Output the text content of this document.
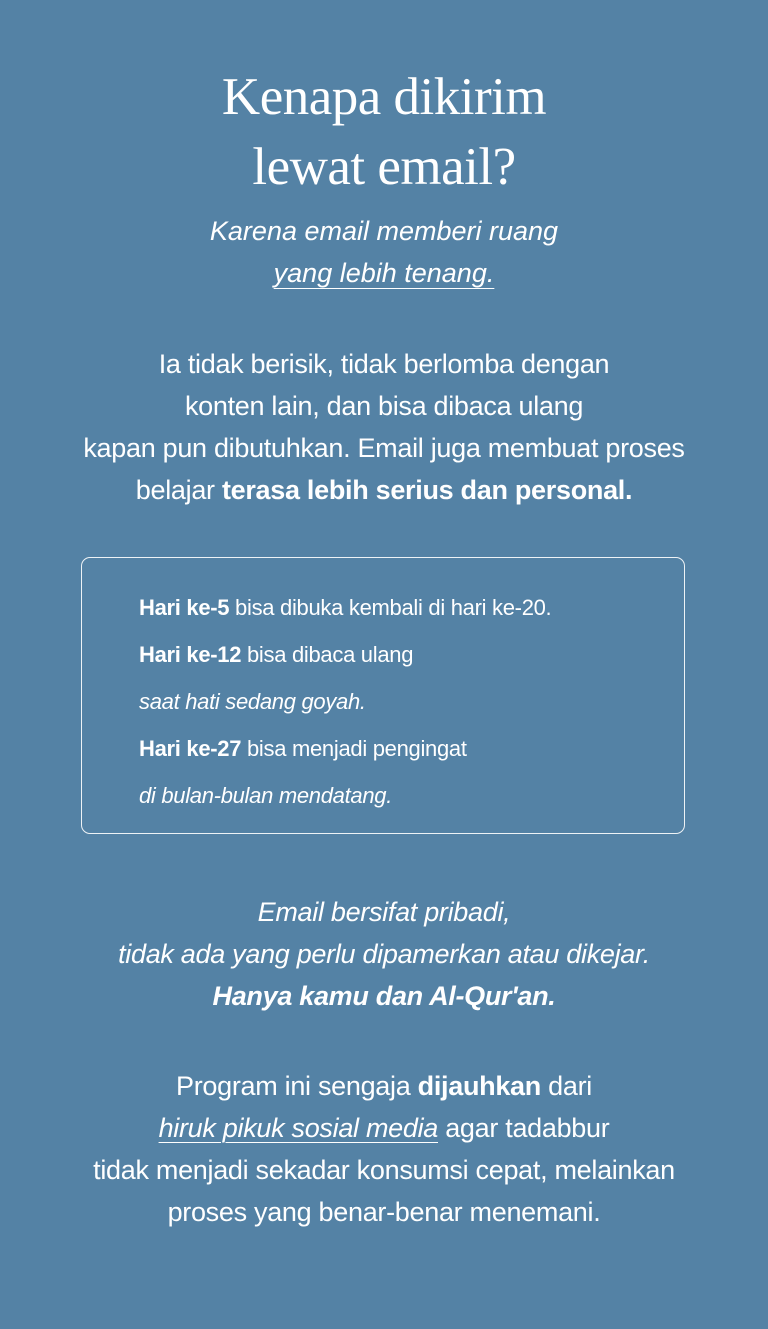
Kenapa dikirim
lewat email?

Karena email memberi ruang
yang lebih tenang.

Ia tidak berisik, tidak berlomba dengan
konten lain, dan bisa dibaca ulang
kapan pun dibutuhkan. Email juga membuat proses
belajar terasa lebih serius dan personal.

Hari ke-5 bisa dibuka kembali di hari ke-20.
Hari ke-12 bisa dibaca ulang
saat hati sedang goyah.
Hari ke-27 bisa menjadi pengingat
di bulan-bulan mendatang.

Email bersifat pribadi,
tidak ada yang perlu dipamerkan atau dikejar.
Hanya kamu dan Al-Qur'an.

Program ini sengaja dijauhkan dari
hiruk pikuk sosial media agar tadabbur
tidak menjadi sekadar konsumsi cepat, melainkan
proses yang benar-benar menemani.
